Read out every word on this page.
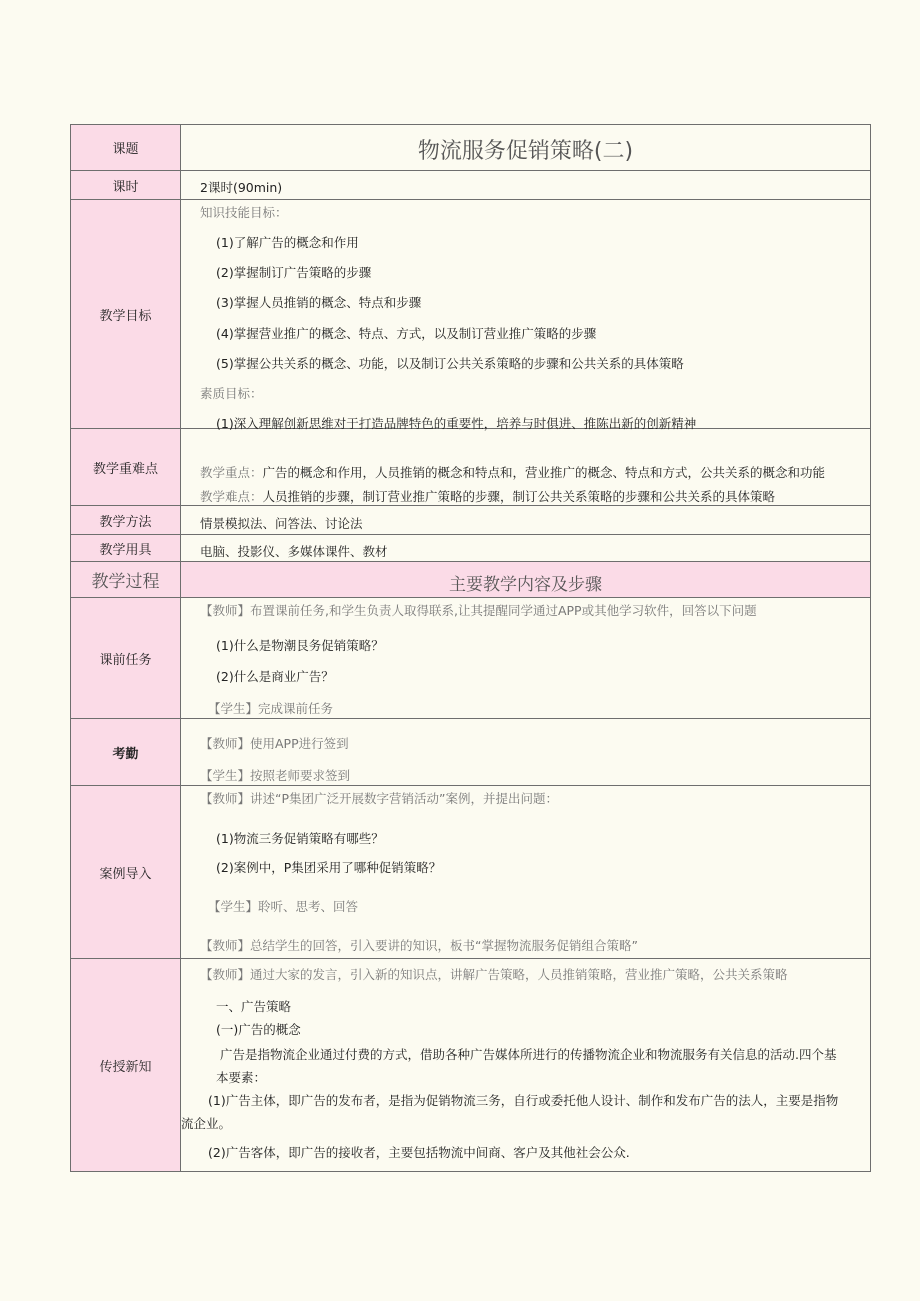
课题
课时
教学目标
教学重难点
教学方法
教学用具
教学过程
课前任务
考勤
案例导入
传授新知
物流服务促销策略(二)
2课时(90min)
知识技能目标：
(1)了解广告的概念和作用
(2)掌握制订广告策略的步骤
(3)掌握人员推销的概念、特点和步骤
(4)掌握营业推广的概念、特点、方式，以及制订营业推广策略的步骤
(5)掌握公共关系的概念、功能，以及制订公共关系策略的步骤和公共关系的具体策略
素质目标：
(1)深入理解创新思维对于打造品牌特色的重要性，培养与时俱进、推陈出新的创新精神
教学重点：广告的概念和作用，人员推销的概念和特点和，营业推广的概念、特点和方式，公共关系的概念和功能
教学难点：人员推销的步骤，制订营业推广策略的步骤，制订公共关系策略的步骤和公共关系的具体策略
情景模拟法、问答法、讨论法
电脑、投影仪、多媒体课件、教材
主要教学内容及步骤
【教师】布置课前任务,和学生负责人取得联系,让其提醒同学通过APP或其他学习软件，回答以下问题
(1)什么是物潮艮务促销策略？
(2)什么是商业广告？
【学生】完成课前任务
【教师】使用APP进行签到
【学生】按照老师要求签到
【教师】讲述“P集团广泛开展数字营销活动”案例，并提出问题：
(1)物流三务促销策略有哪些？
(2)案例中，P集团采用了哪种促销策略？
【学生】聆听、思考、回答
【教师】总结学生的回答，引入要讲的知识，板书“掌握物流服务促销组合策略”
【教师】通过大家的发言，引入新的知识点，讲解广告策略，人员推销策略，营业推广策略，公共关系策略
一、广告策略
(一)广告的概念
广告是指物流企业通过付费的方式，借助各种广告媒体所进行的传播物流企业和物流服务有关信息的活动.四个基
本要素：
(1)广告主体，即广告的发布者，是指为促销物流三务，自行或委托他人设计、制作和发布广告的法人，主要是指物
流企业。
(2)广告客体，即广告的接收者，主要包括物流中间商、客户及其他社会公众.
